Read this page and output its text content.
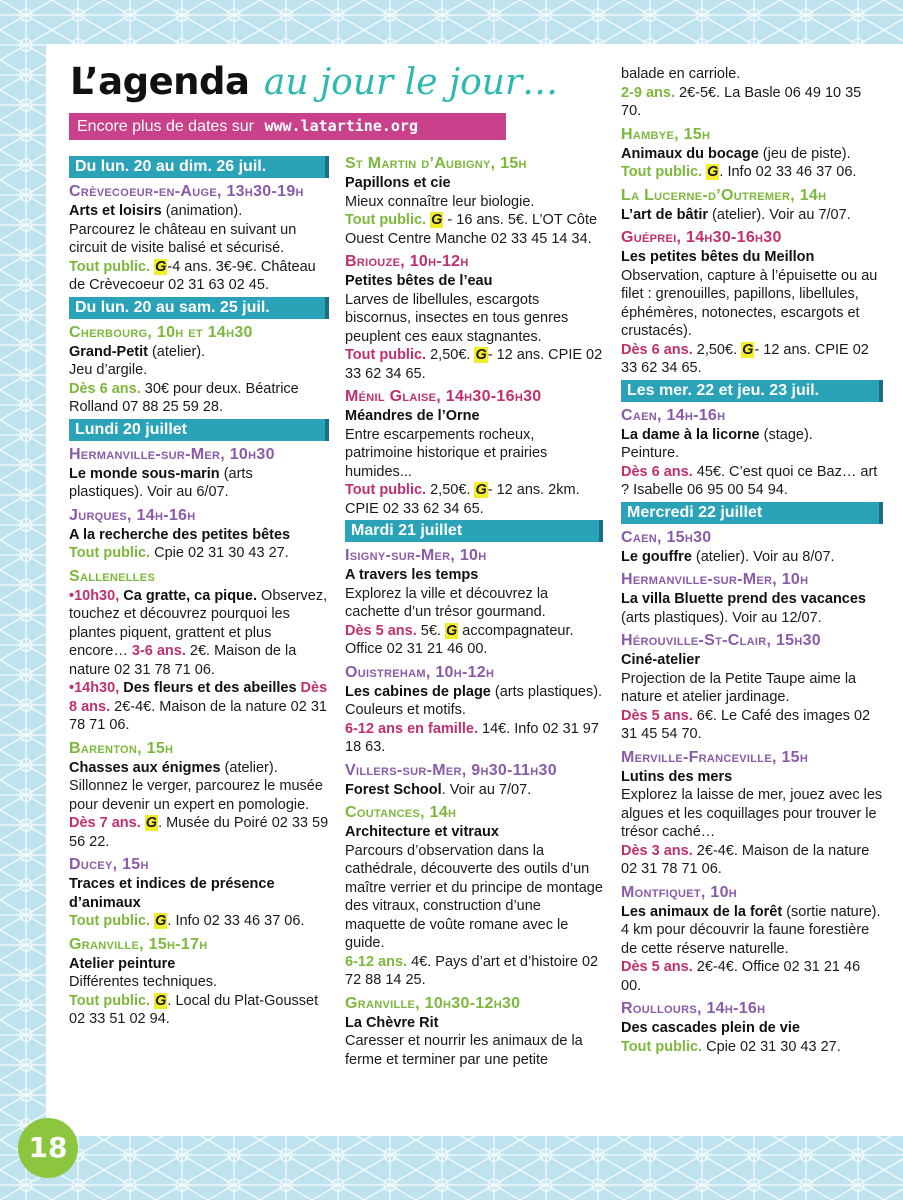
18
L’agenda au jour le jour…
Encore plus de dates sur www.latartine.org
Du lun. 20 au dim. 26 juil.
Crèvecoeur-en-Auge, 13h30-19h

Arts et loisirs (animation).

Parcourez le château en suivant un circuit de visite balisé et sécurisé.

Tout public. G-4 ans. 3€-9€. Château de Crèvecoeur 02 31 63 02 45.

Du lun. 20 au sam. 25 juil.
Cherbourg, 10h et 14h30

Grand-Petit (atelier).

Jeu d’argile.

Dès 6 ans. 30€ pour deux. Béatrice Rolland 07 88 25 59 28.

Lundi 20 juillet
Hermanville-sur-Mer, 10h30

Le monde sous-marin (arts plastiques). Voir au 6/07.

Jurques, 14h-16h

A la recherche des petites bêtes

Tout public. Cpie 02 31 30 43 27.

Sallenelles

•10h30, Ca gratte, ca pique. Observez, touchez et découvrez pourquoi les plantes piquent, grattent et plus encore… 3-6 ans. 2€. Maison de la nature 02 31 78 71 06.

•14h30, Des fleurs et des abeilles Dès 8 ans. 2€-4€. Maison de la nature 02 31 78 71 06.

Barenton, 15h

Chasses aux énigmes (atelier).

Sillonnez le verger, parcourez le musée pour devenir un expert en pomologie.

Dès 7 ans. G. Musée du Poiré 02 33 59 56 22.

Ducey, 15h

Traces et indices de présence d’animaux

Tout public. G. Info 02 33 46 37 06.

Granville, 15h-17h

Atelier peinture

Différentes techniques.

Tout public. G. Local du Plat-Gousset 02 33 51 02 94.

St Martin d’Aubigny, 15h

Papillons et cie

Mieux connaître leur biologie.

Tout public. G - 16 ans. 5€. L’OT Côte Ouest Centre Manche 02 33 45 14 34.

Briouze, 10h-12h

Petites bêtes de l’eau

Larves de libellules, escargots biscornus, insectes en tous genres peuplent ces eaux stagnantes.

Tout public. 2,50€. G- 12 ans. CPIE 02 33 62 34 65.

Ménil Glaise, 14h30-16h30

Méandres de l’Orne

Entre escarpements rocheux, patrimoine historique et prairies humides...

Tout public. 2,50€. G- 12 ans. 2km. CPIE 02 33 62 34 65.

Mardi 21 juillet
Isigny-sur-Mer, 10h

A travers les temps

Explorez la ville et découvrez la cachette d’un trésor gourmand.

Dès 5 ans. 5€. G accompagnateur. Office 02 31 21 46 00.

Ouistreham, 10h-12h

Les cabines de plage (arts plastiques).

Couleurs et motifs.

6-12 ans en famille. 14€. Info 02 31 97 18 63.

Villers-sur-Mer, 9h30-11h30

Forest School. Voir au 7/07.

Coutances, 14h

Architecture et vitraux

Parcours d’observation dans la cathédrale, découverte des outils d’un maître verrier et du principe de montage des vitraux, construction d’une maquette de voûte romane avec le guide.

6-12 ans. 4€. Pays d’art et d’histoire 02 72 88 14 25.

Granville, 10h30-12h30

La Chèvre Rit

Caresser et nourrir les animaux de la ferme et terminer par une petite

balade en carriole.

2-9 ans. 2€-5€. La Basle 06 49 10 35 70.

Hambye, 15h

Animaux du bocage (jeu de piste).

Tout public. G. Info 02 33 46 37 06.

La Lucerne-d’Outremer, 14h

L’art de bâtir (atelier). Voir au 7/07.

Guéprei, 14h30-16h30

Les petites bêtes du Meillon

Observation, capture à l’épuisette ou au filet : grenouilles, papillons, libellules, éphémères, notonectes, escargots et crustacés).

Dès 6 ans. 2,50€. G- 12 ans. CPIE 02 33 62 34 65.

Les mer. 22 et jeu. 23 juil.
Caen, 14h-16h

La dame à la licorne (stage).

Peinture.

Dès 6 ans. 45€. C’est quoi ce Baz… art ? Isabelle 06 95 00 54 94.

Mercredi 22 juillet
Caen, 15h30

Le gouffre (atelier). Voir au 8/07.

Hermanville-sur-Mer, 10h

La villa Bluette prend des vacances (arts plastiques). Voir au 12/07.

Hérouville-St-Clair, 15h30

Ciné-atelier

Projection de la Petite Taupe aime la nature et atelier jardinage.

Dès 5 ans. 6€. Le Café des images 02 31 45 54 70.

Merville-Franceville, 15h

Lutins des mers

Explorez la laisse de mer, jouez avec les algues et les coquillages pour trouver le trésor caché…

Dès 3 ans. 2€-4€. Maison de la nature 02 31 78 71 06.

Montfiquet, 10h

Les animaux de la forêt (sortie nature).

4 km pour découvrir la faune forestière de cette réserve naturelle.

Dès 5 ans. 2€-4€. Office 02 31 21 46 00.

Roullours, 14h-16h

Des cascades plein de vie

Tout public. Cpie 02 31 30 43 27.
